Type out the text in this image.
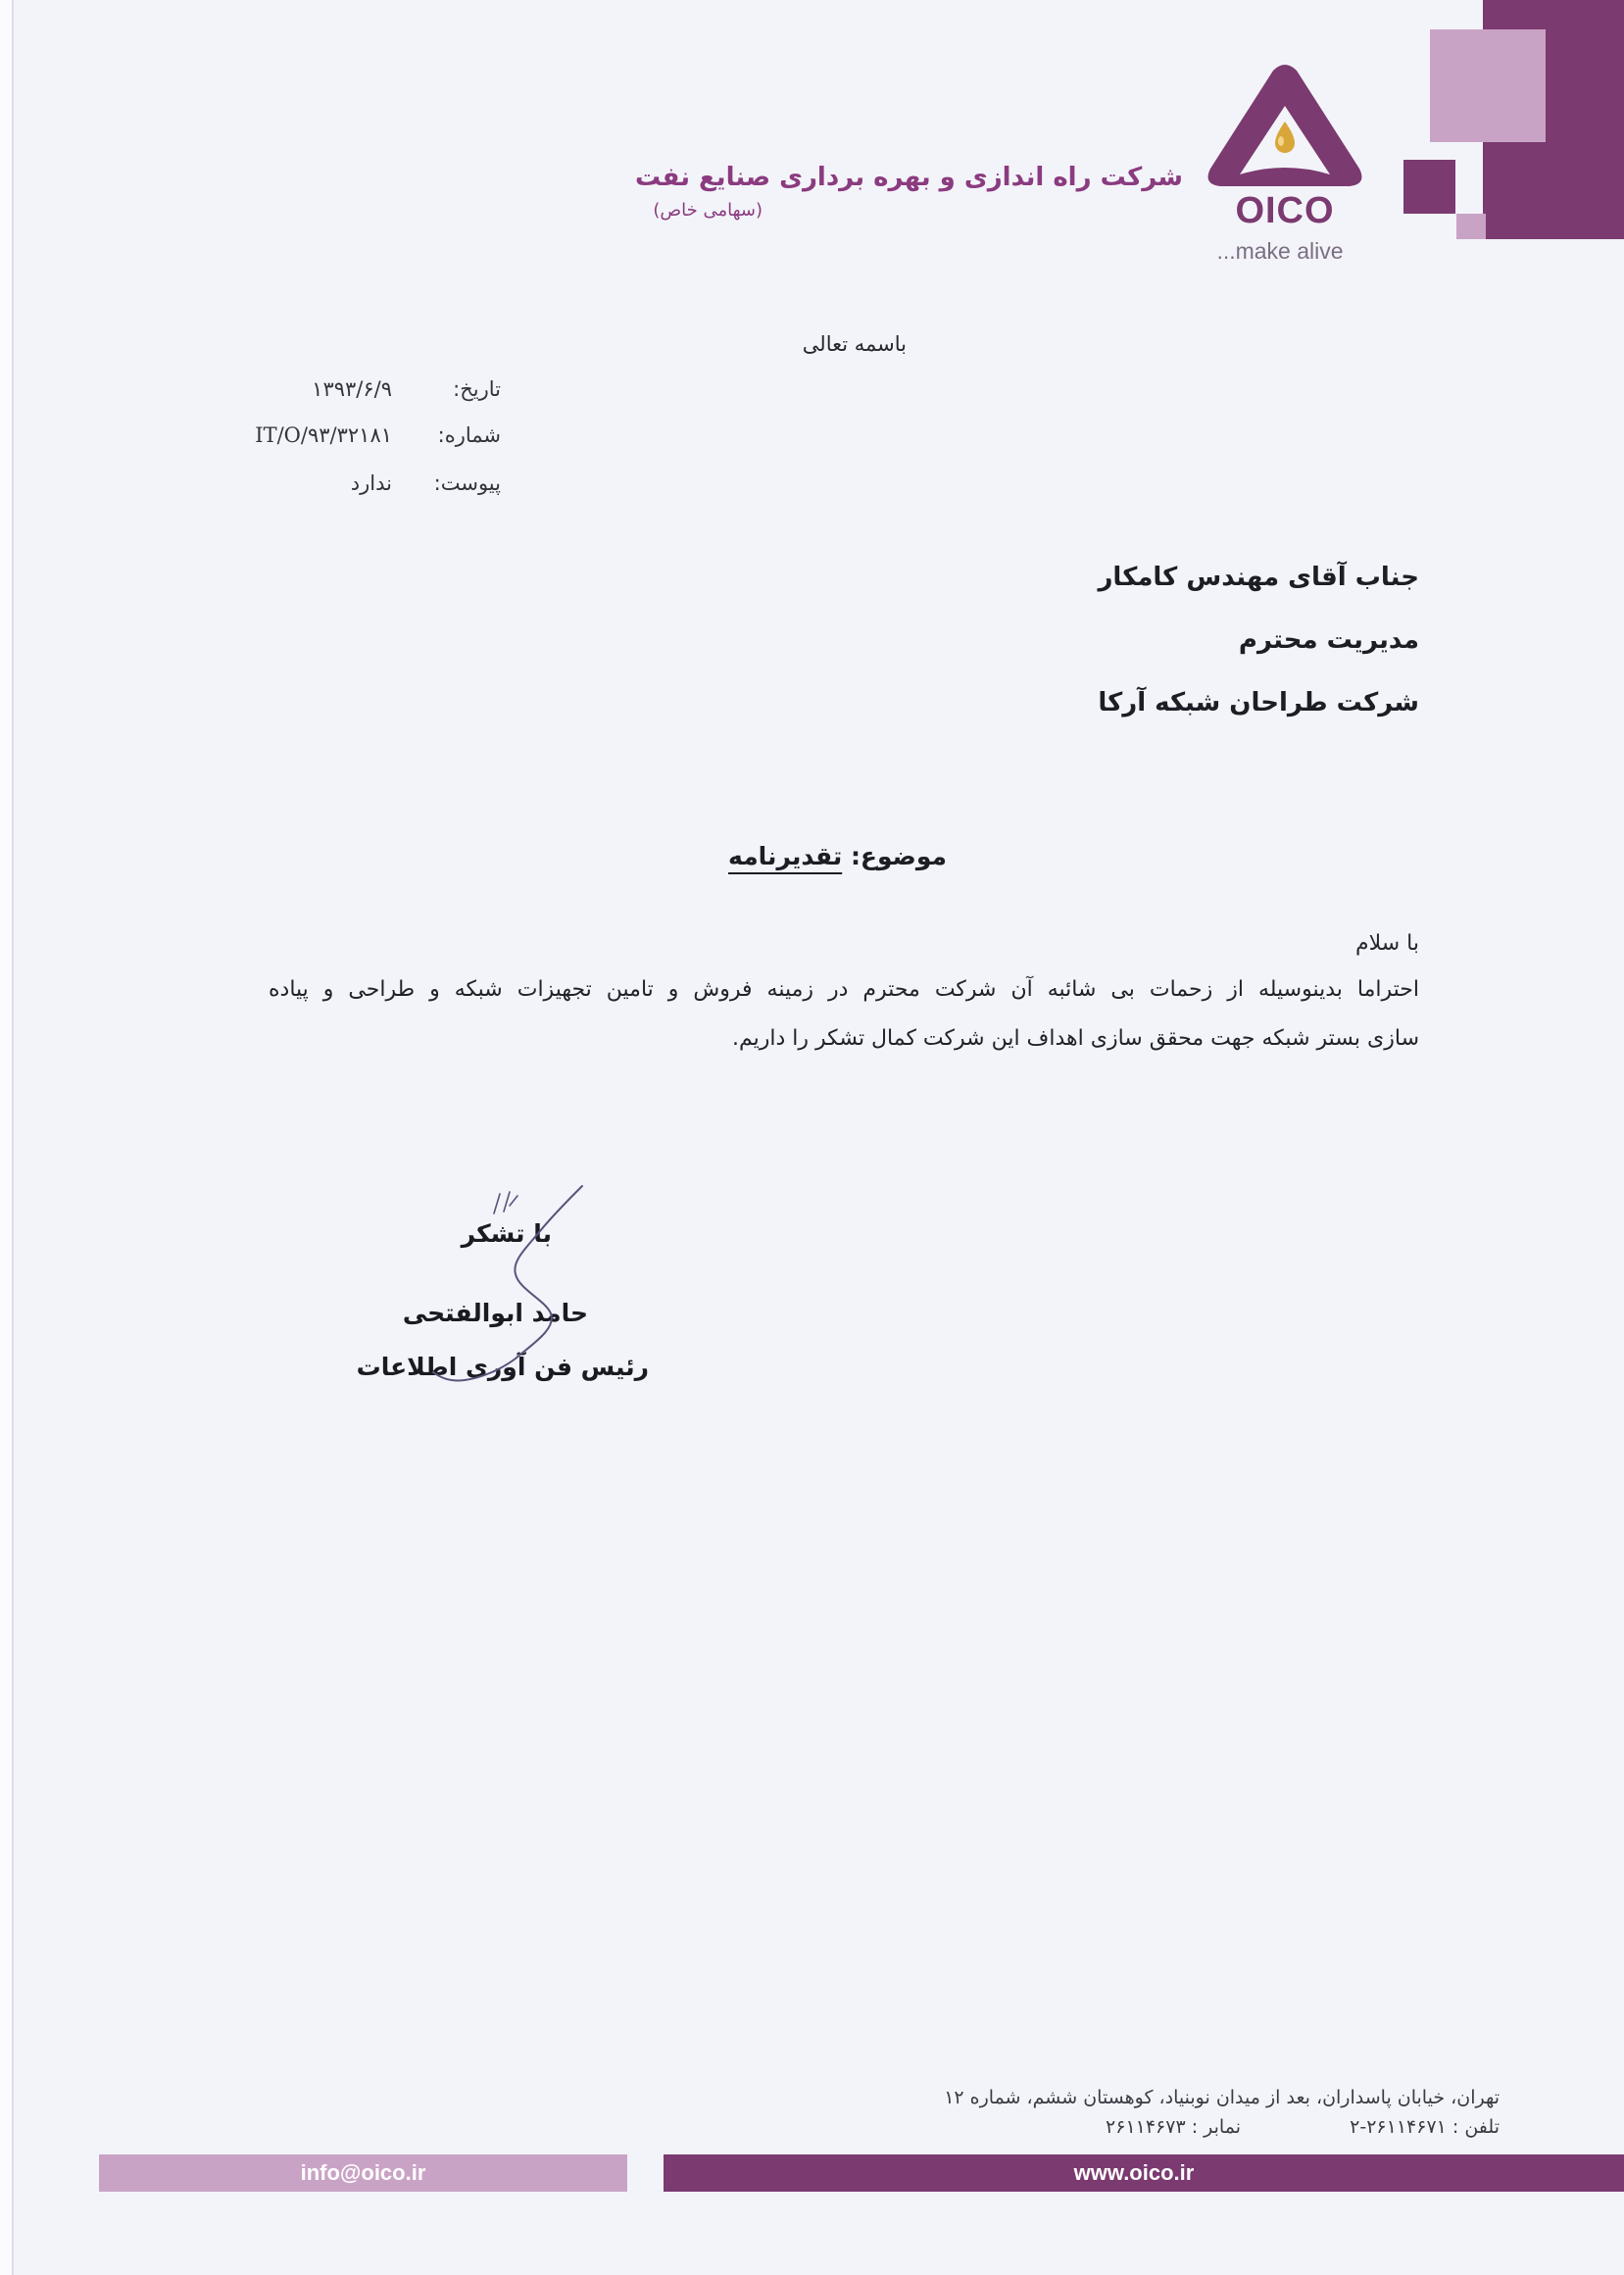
OICO
...make alive
شرکت راه اندازی و بهره برداری صنایع نفت
(سهامی خاص)
باسمه تعالی
تاریخ:
۱۳۹۳/۶/۹
شماره:
IT/O/۹۳/۳۲۱۸۱
پیوست:
ندارد
جناب آقای مهندس کامکار
مدیریت محترم
شرکت طراحان شبکه آرکا
موضوع: تقدیرنامه
با سلام
احتراما بدینوسیله از زحمات بی شائبه آن شرکت محترم در زمینه فروش و تامین تجهیزات شبکه و طراحی و پیاده
سازی بستر شبکه جهت محقق سازی اهداف این شرکت کمال تشکر را داریم.
با تشکر
حامد ابوالفتحی
رئیس فن آوری اطلاعات
تهران، خیابان پاسداران، بعد از میدان نوبنیاد، کوهستان ششم، شماره ۱۲
تلفن : ۲۶۱۱۴۶۷۱-۲
نمابر : ۲۶۱۱۴۶۷۳
info@oico.ir	www.oico.ir
